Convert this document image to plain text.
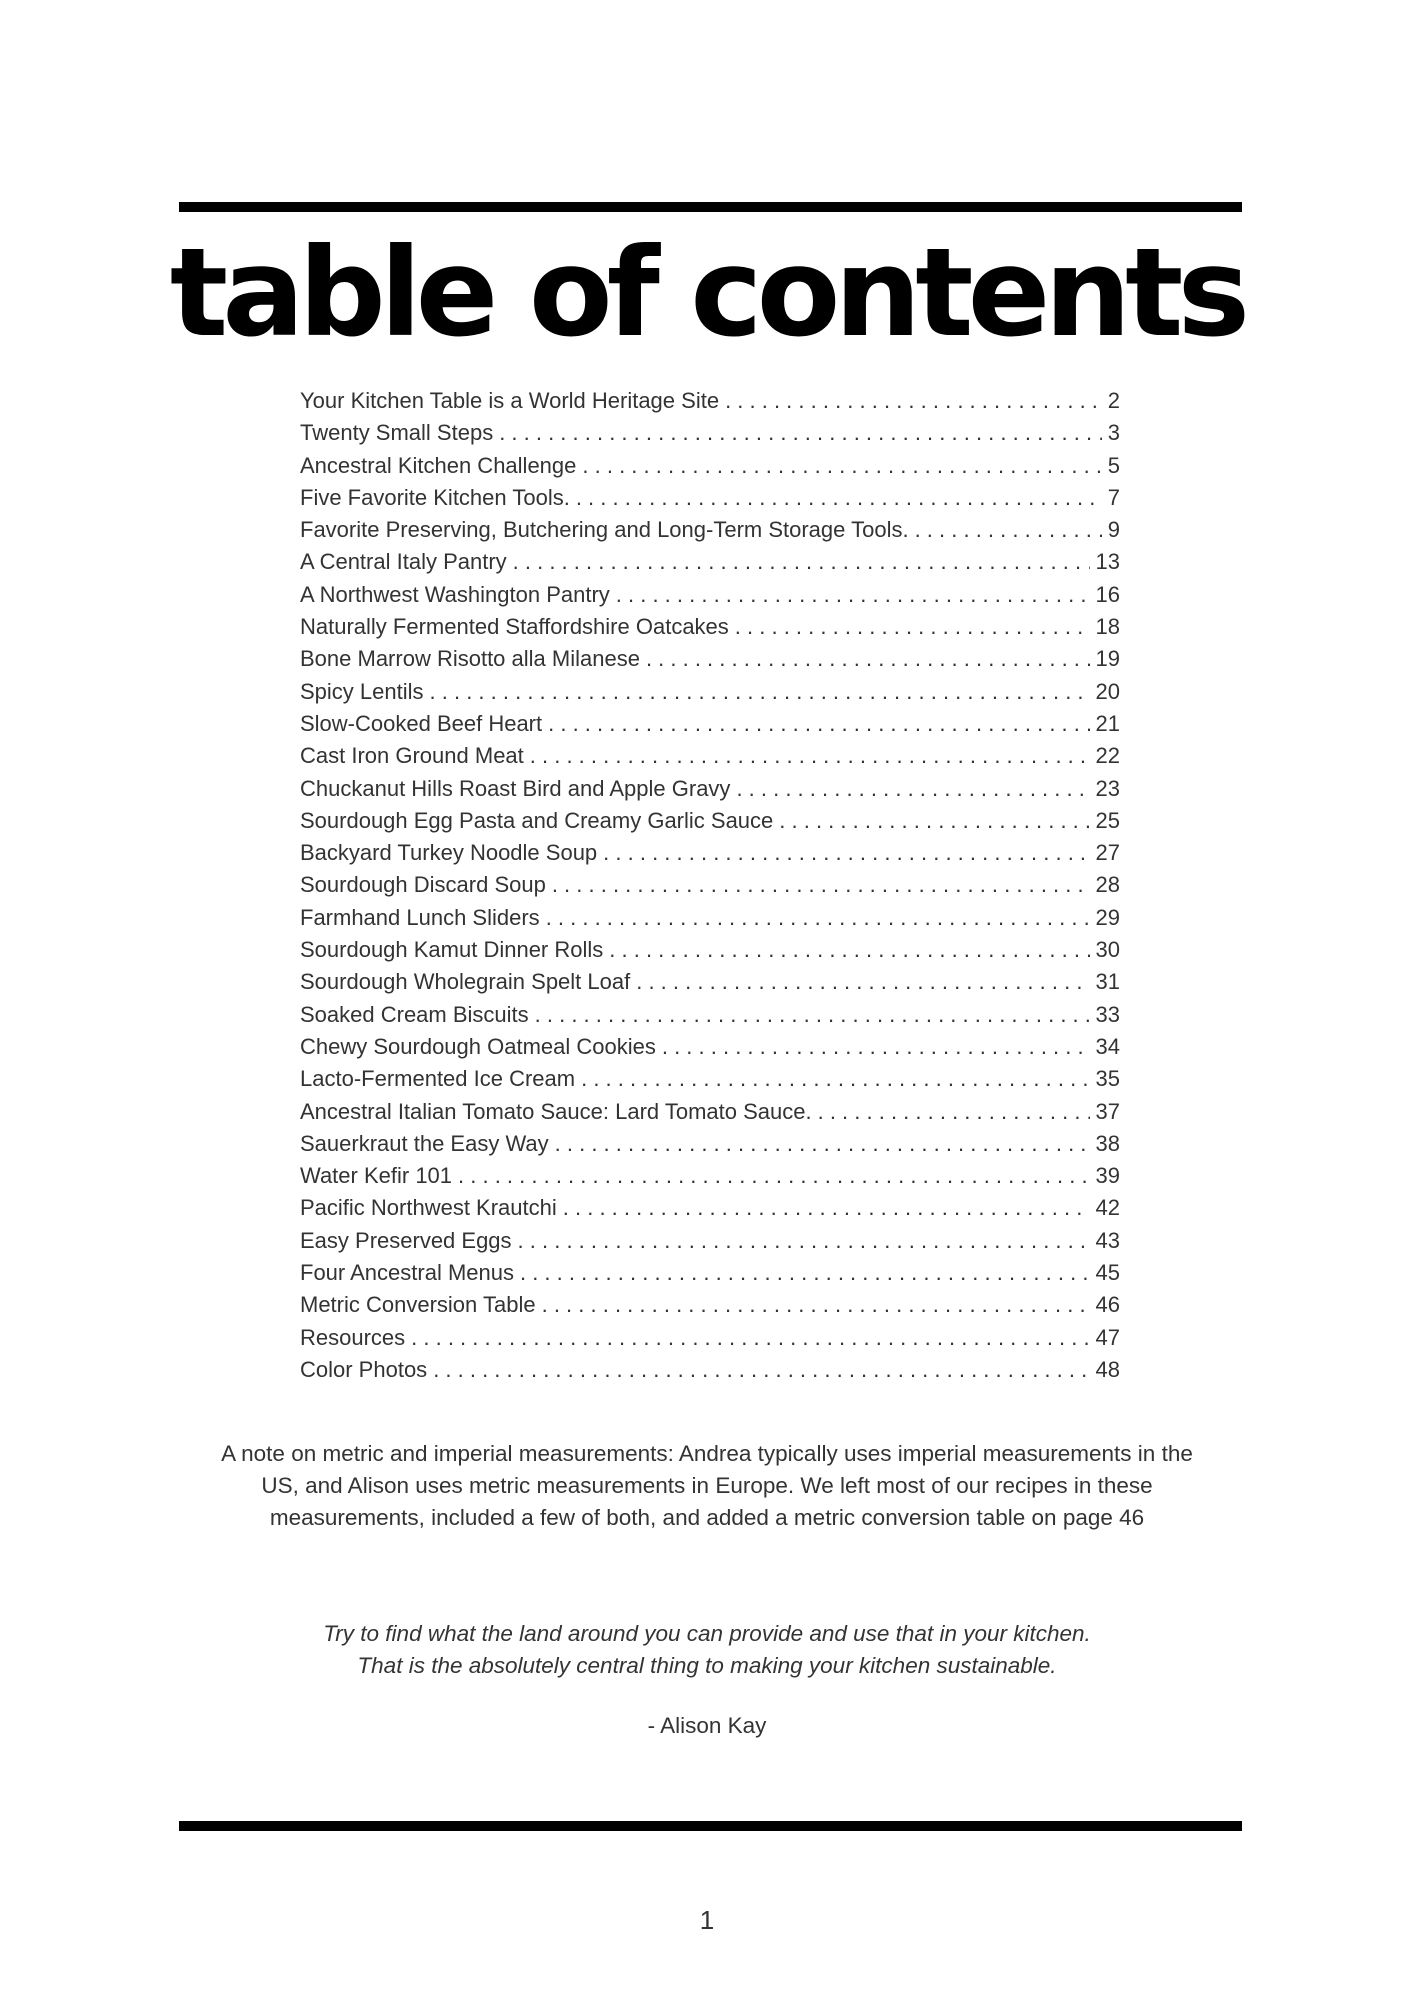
table of contents
Your Kitchen Table is a World Heritage Site . . .	2
Twenty Small Steps . . .	3
Ancestral Kitchen Challenge . . .	5
Five Favorite Kitchen Tools. . . .	7
Favorite Preserving, Butchering and Long-Term Storage Tools. . . .	9
A Central Italy Pantry . . .	13
A Northwest Washington Pantry . . .	16
Naturally Fermented Staffordshire Oatcakes . . .	18
Bone Marrow Risotto alla Milanese . . .	19
Spicy Lentils . . .	20
Slow-Cooked Beef Heart . . .	21
Cast Iron Ground Meat . . .	22
Chuckanut Hills Roast Bird and Apple Gravy . . .	23
Sourdough Egg Pasta and Creamy Garlic Sauce . . .	25
Backyard Turkey Noodle Soup . . .	27
Sourdough Discard Soup . . .	28
Farmhand Lunch Sliders . . .	29
Sourdough Kamut Dinner Rolls . . .	30
Sourdough Wholegrain Spelt Loaf . . .	31
Soaked Cream Biscuits . . .	33
Chewy Sourdough Oatmeal Cookies . . .	34
Lacto-Fermented Ice Cream . . .	35
Ancestral Italian Tomato Sauce: Lard Tomato Sauce. . . .	37
Sauerkraut the Easy Way . . .	38
Water Kefir 101 . . .	39
Pacific Northwest Krautchi . . .	42
Easy Preserved Eggs . . .	43
Four Ancestral Menus . . .	45
Metric Conversion Table . . .	46
Resources . . .	47
Color Photos . . .	48

A note on metric and imperial measurements: Andrea typically uses imperial measurements in the US, and Alison uses metric measurements in Europe. We left most of our recipes in these measurements, included a few of both, and added a metric conversion table on page 46

Try to find what the land around you can provide and use that in your kitchen.
That is the absolutely central thing to making your kitchen sustainable.

- Alison Kay

1
